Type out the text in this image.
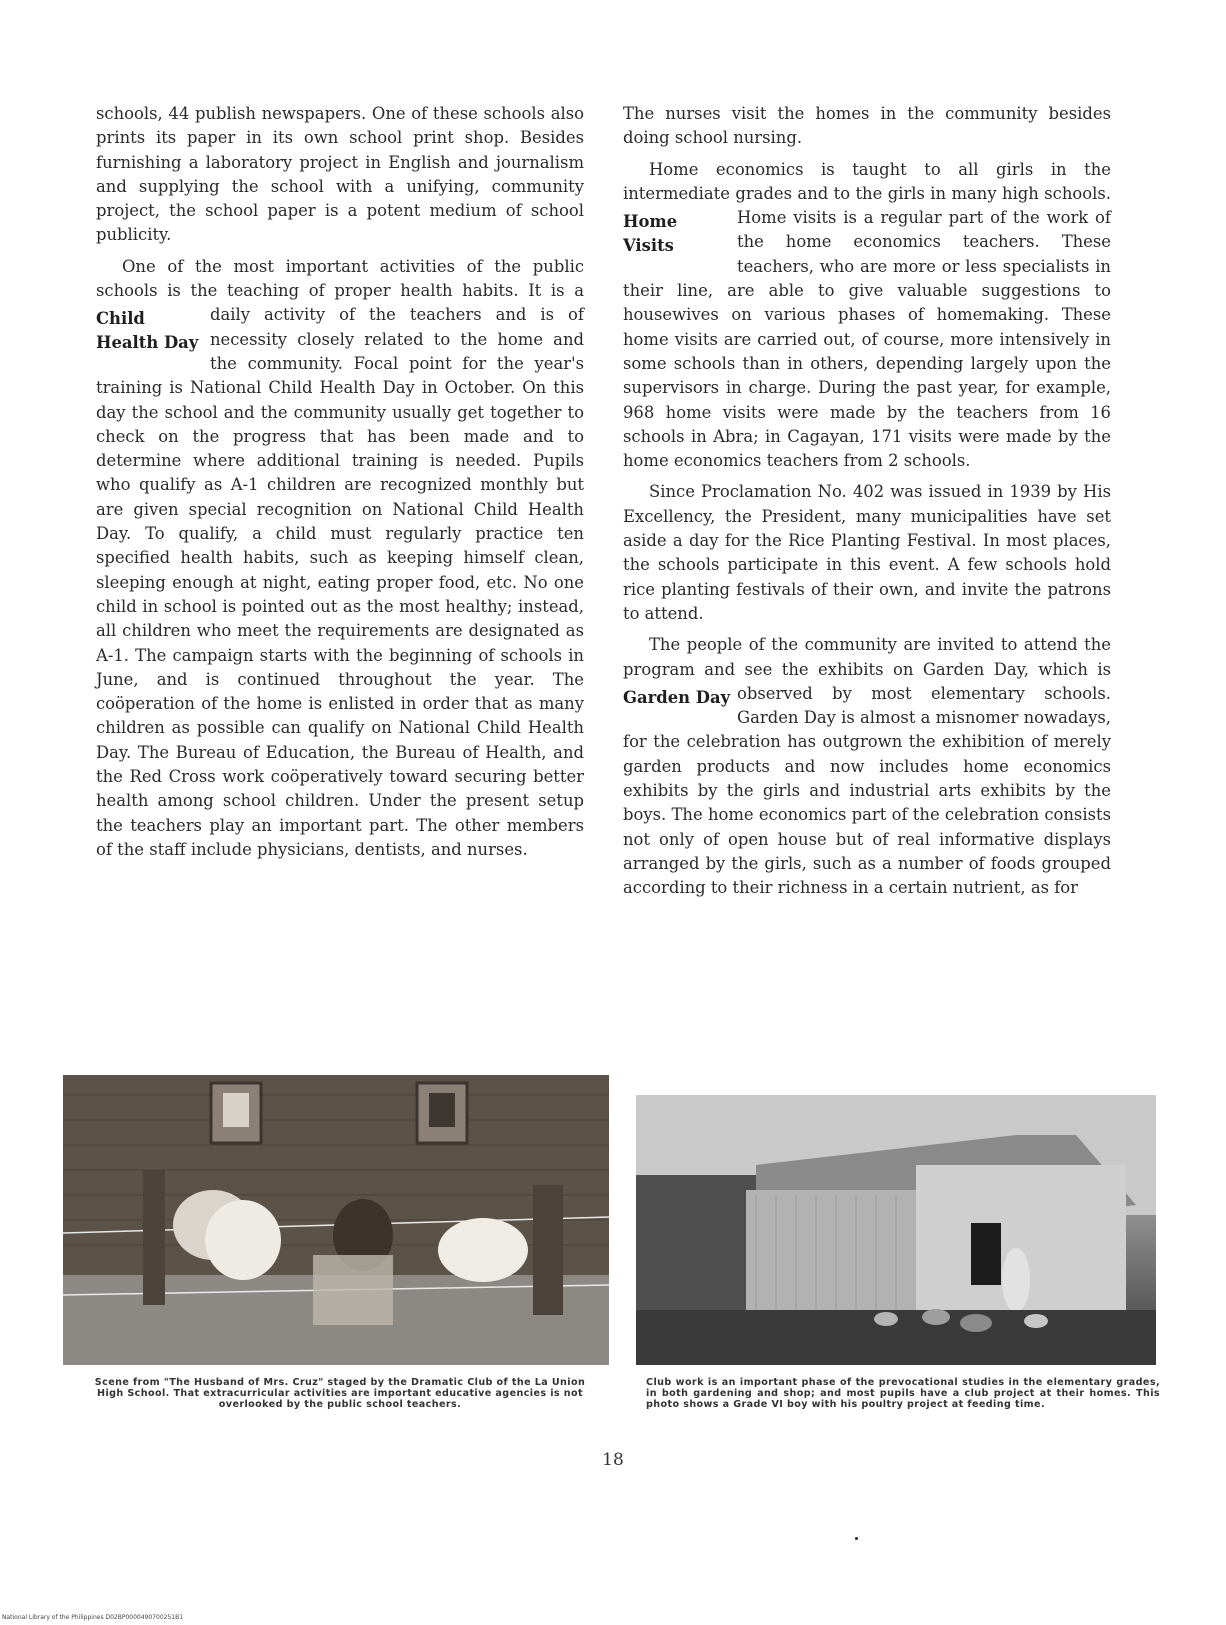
schools, 44 publish newspapers. One of these schools also prints its paper in its own school print shop. Besides furnishing a laboratory project in English and journalism and supplying the school with a unifying, community project, the school paper is a potent medium of school publicity.

One of the most important activities of the public schools is the teaching of proper health habits. It is a daily activity of the teachers and is of
Child Health Day necessity closely related to the home and the community. Focal point for the year's training is National Child Health Day in October. On this day the school and the community usually get together to check on the progress that has been made and to determine where additional training is needed. Pupils who qualify as A-1 children are recognized monthly but are given special recognition on National Child Health Day. To qualify, a child must regularly practice ten specified health habits, such as keeping himself clean, sleeping enough at night, eating proper food, etc. No one child in school is pointed out as the most healthy; instead, all children who meet the requirements are designated as A-1. The campaign starts with the beginning of schools in June, and is continued throughout the year. The coöperation of the home is enlisted in order that as many children as possible can qualify on National Child Health Day. The Bureau of Education, the Bureau of Health, and the Red Cross work coöperatively toward securing better health among school children. Under the present setup the teachers play an important part. The other members of the staff include physicians, dentists, and nurses.

The nurses visit the homes in the community besides doing school nursing.

Home economics is taught to all girls in the intermediate grades and to the girls in many high schools. Home visits is a regular part of the
Home Visits
work of the home economics teachers. These teachers, who are more or less specialists in their line, are able to give valuable suggestions to housewives on various phases of homemaking. These home visits are carried out, of course, more intensively in some schools than in others, depending largely upon the supervisors in charge. During the past year, for example, 968 home visits were made by the teachers from 16 schools in Abra; in Cagayan, 171 visits were made by the home economics teachers from 2 schools.

Since Proclamation No. 402 was issued in 1939 by His Excellency, the President, many municipalities have set aside a day for the Rice Planting Festival. In most places, the schools participate in this event. A few schools hold rice planting festivals of their own, and invite the patrons to attend.

The people of the community are invited to attend the program and see the exhibits on Garden Day, which is observed by most elementary
Garden Day	schools. Garden Day is almost a misnomer nowadays, for the celebration has outgrown the exhibition of merely garden products and now includes home economics exhibits by the girls and industrial arts exhibits by the boys. The home economics part of the celebration consists not only of open house but of real informative displays arranged by the girls, such as a number of foods grouped according to their richness in a certain nutrient, as for

Scene from "The Husband of Mrs. Cruz" staged by the Dramatic Club of the La Union High School. That extracurricular activities are important educative agencies is not overlooked by the public school teachers.
Club work is an important phase of the prevocational studies in the elementary grades, in both gardening and shop; and most pupils have a club project at their homes. This photo shows a Grade VI boy with his poultry project at feeding time.
18
National Library of the Philippines D02BP0000490700251B1
